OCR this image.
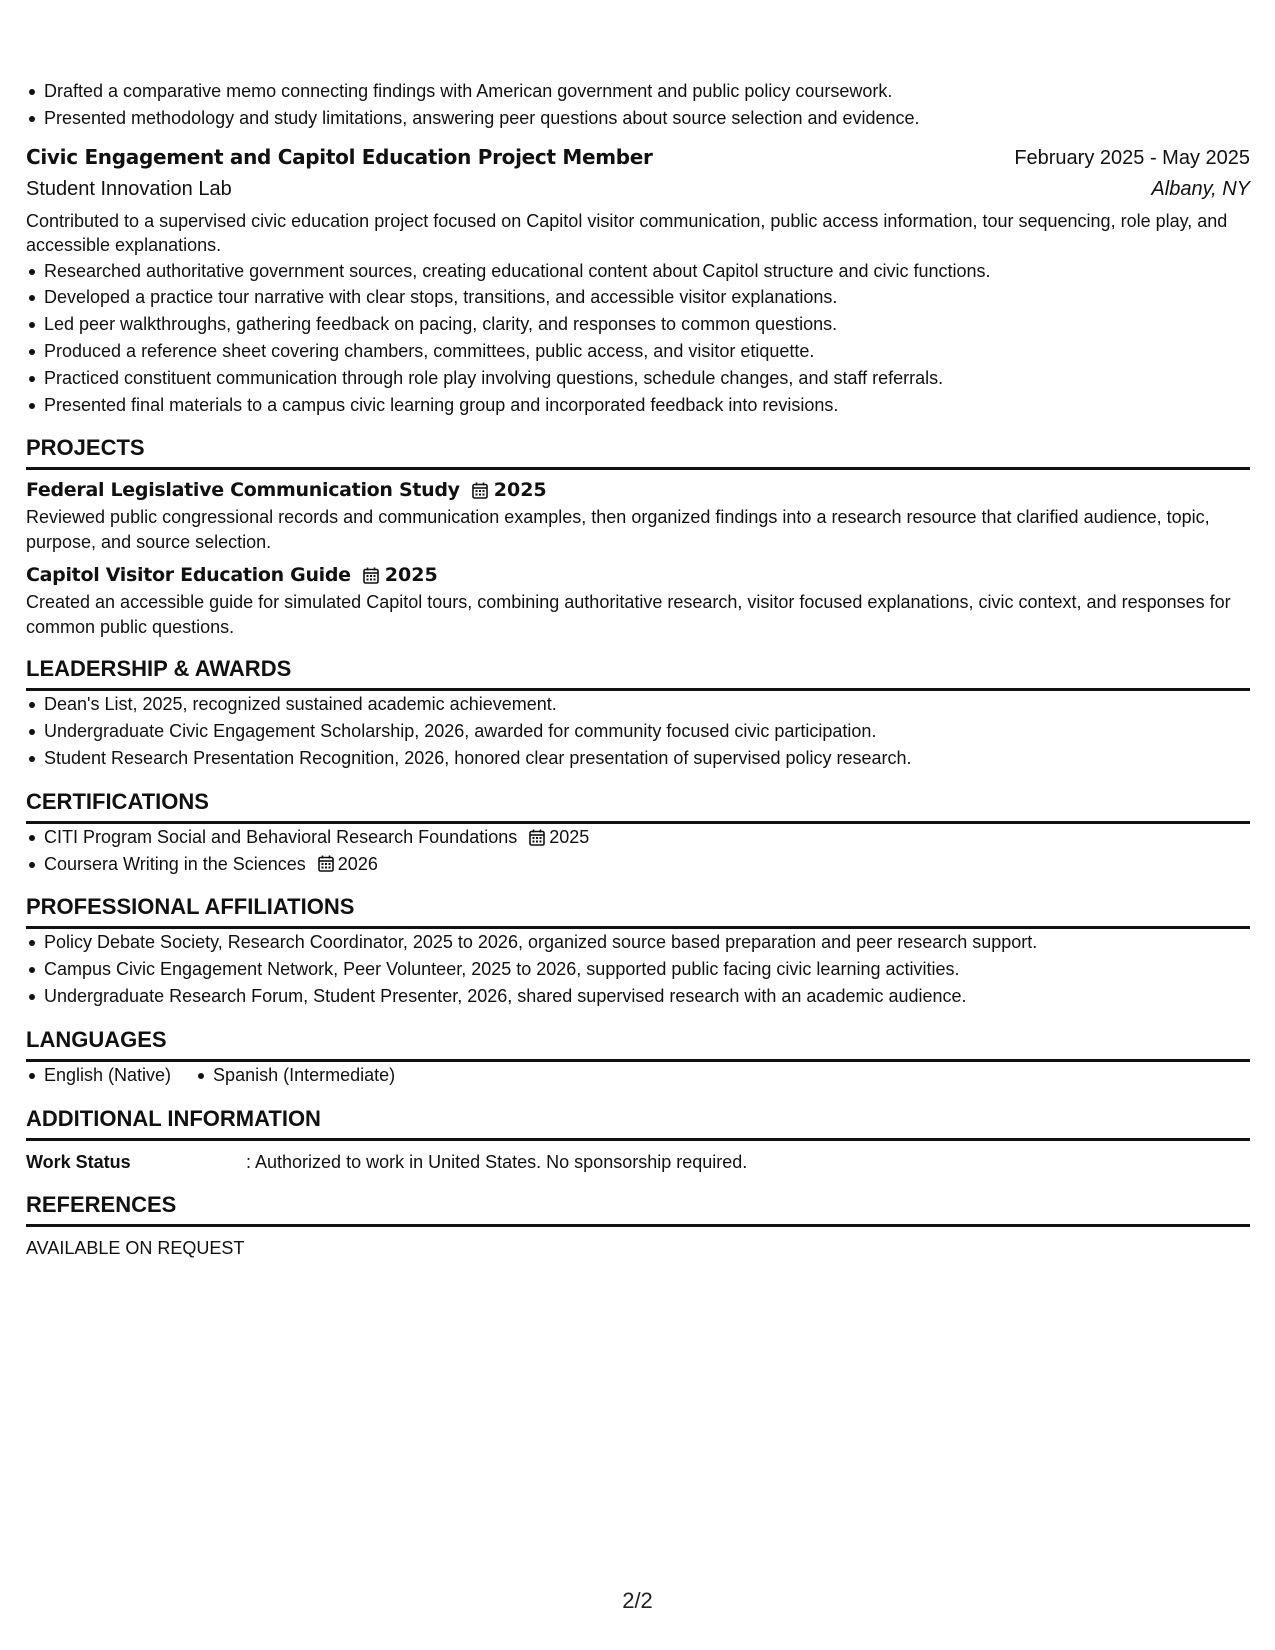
Drafted a comparative memo connecting findings with American government and public policy coursework.
Presented methodology and study limitations, answering peer questions about source selection and evidence.
Civic Engagement and Capitol Education Project Member	February 2025 - May 2025
Student Innovation Lab	Albany, NY
Contributed to a supervised civic education project focused on Capitol visitor communication, public access information, tour sequencing, role play, and accessible explanations.
Researched authoritative government sources, creating educational content about Capitol structure and civic functions.
Developed a practice tour narrative with clear stops, transitions, and accessible visitor explanations.
Led peer walkthroughs, gathering feedback on pacing, clarity, and responses to common questions.
Produced a reference sheet covering chambers, committees, public access, and visitor etiquette.
Practiced constituent communication through role play involving questions, schedule changes, and staff referrals.
Presented final materials to a campus civic learning group and incorporated feedback into revisions.
PROJECTS
Federal Legislative Communication Study 2025
Reviewed public congressional records and communication examples, then organized findings into a research resource that clarified audience, topic, purpose, and source selection.
Capitol Visitor Education Guide 2025
Created an accessible guide for simulated Capitol tours, combining authoritative research, visitor focused explanations, civic context, and responses for common public questions.
LEADERSHIP & AWARDS
Dean's List, 2025, recognized sustained academic achievement.
Undergraduate Civic Engagement Scholarship, 2026, awarded for community focused civic participation.
Student Research Presentation Recognition, 2026, honored clear presentation of supervised policy research.
CERTIFICATIONS
CITI Program Social and Behavioral Research Foundations 2025
Coursera Writing in the Sciences 2026
PROFESSIONAL AFFILIATIONS
Policy Debate Society, Research Coordinator, 2025 to 2026, organized source based preparation and peer research support.
Campus Civic Engagement Network, Peer Volunteer, 2025 to 2026, supported public facing civic learning activities.
Undergraduate Research Forum, Student Presenter, 2026, shared supervised research with an academic audience.
LANGUAGES
English (Native)	Spanish (Intermediate)
ADDITIONAL INFORMATION
Work Status	: Authorized to work in United States. No sponsorship required.
REFERENCES
AVAILABLE ON REQUEST
2/2
